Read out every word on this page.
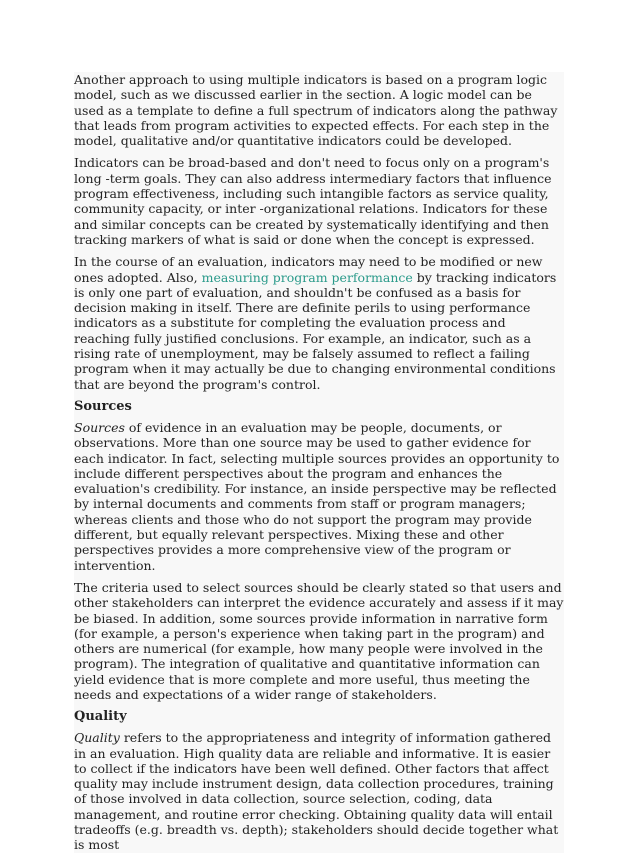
Another approach to using multiple indicators is based on a program logic model, such as we discussed earlier in the section. A logic model can be used as a template to define a full spectrum of indicators along the pathway that leads from program activities to expected effects. For each step in the model, qualitative and/or quantitative indicators could be developed.

Indicators can be broad-based and don't need to focus only on a program's long -term goals. They can also address intermediary factors that influence program effectiveness, including such intangible factors as service quality, community capacity, or inter -organizational relations. Indicators for these and similar concepts can be created by systematically identifying and then tracking markers of what is said or done when the concept is expressed.

In the course of an evaluation, indicators may need to be modified or new ones adopted. Also, measuring program performance by tracking indicators is only one part of evaluation, and shouldn't be confused as a basis for decision making in itself. There are definite perils to using performance indicators as a substitute for completing the evaluation process and reaching fully justified conclusions. For example, an indicator, such as a rising rate of unemployment, may be falsely assumed to reflect a failing program when it may actually be due to changing environmental conditions that are beyond the program's control.

Sources

Sources of evidence in an evaluation may be people, documents, or observations. More than one source may be used to gather evidence for each indicator. In fact, selecting multiple sources provides an opportunity to include different perspectives about the program and enhances the evaluation's credibility. For instance, an inside perspective may be reflected by internal documents and comments from staff or program managers; whereas clients and those who do not support the program may provide different, but equally relevant perspectives. Mixing these and other perspectives provides a more comprehensive view of the program or intervention.

The criteria used to select sources should be clearly stated so that users and other stakeholders can interpret the evidence accurately and assess if it may be biased. In addition, some sources provide information in narrative form (for example, a person's experience when taking part in the program) and others are numerical (for example, how many people were involved in the program). The integration of qualitative and quantitative information can yield evidence that is more complete and more useful, thus meeting the needs and expectations of a wider range of stakeholders.

Quality

Quality refers to the appropriateness and integrity of information gathered in an evaluation. High quality data are reliable and informative. It is easier to collect if the indicators have been well defined. Other factors that affect quality may include instrument design, data collection procedures, training of those involved in data collection, source selection, coding, data management, and routine error checking. Obtaining quality data will entail tradeoffs (e.g. breadth vs. depth); stakeholders should decide together what is most
